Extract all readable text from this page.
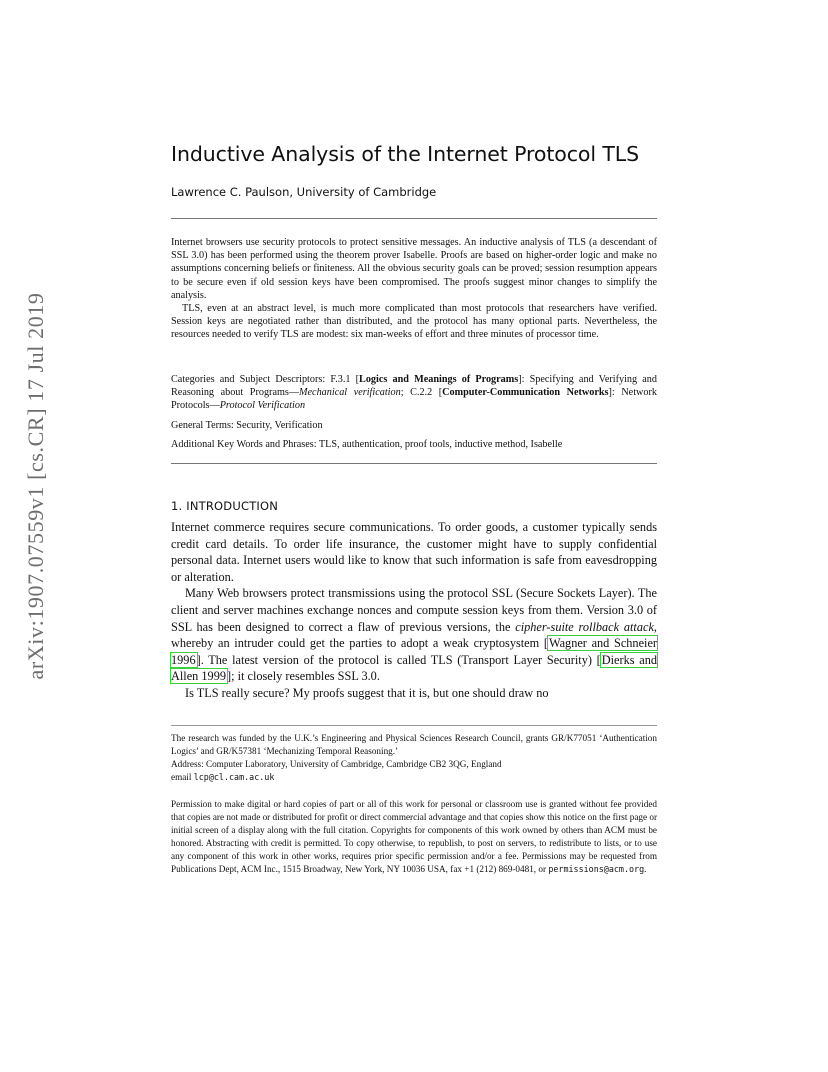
arXiv:1907.07559v1 [cs.CR] 17 Jul 2019
Inductive Analysis of the Internet Protocol TLS
Lawrence C. Paulson, University of Cambridge

Internet browsers use security protocols to protect sensitive messages. An inductive analysis of TLS (a descendant of SSL 3.0) has been performed using the theorem prover Isabelle. Proofs are based on higher-order logic and make no assumptions concerning beliefs or finiteness. All the obvious security goals can be proved; session resumption appears to be secure even if old session keys have been compromised. The proofs suggest minor changes to simplify the analysis.

TLS, even at an abstract level, is much more complicated than most protocols that researchers have verified. Session keys are negotiated rather than distributed, and the protocol has many optional parts. Nevertheless, the resources needed to verify TLS are modest: six man-weeks of effort and three minutes of processor time.

Categories and Subject Descriptors: F.3.1 [Logics and Meanings of Programs]: Specifying and Verifying and Reasoning about Programs—Mechanical verification; C.2.2 [Computer-Communication Networks]: Network Protocols—Protocol Verification

General Terms: Security, Verification
Additional Key Words and Phrases: TLS, authentication, proof tools, inductive method, Isabelle
1. INTRODUCTION

Internet commerce requires secure communications. To order goods, a customer typically sends credit card details. To order life insurance, the customer might have to supply confidential personal data. Internet users would like to know that such information is safe from eavesdropping or alteration.

Many Web browsers protect transmissions using the protocol SSL (Secure Sockets Layer). The client and server machines exchange nonces and compute session keys from them. Version 3.0 of SSL has been designed to correct a flaw of previous versions, the cipher-suite rollback attack, whereby an intruder could get the parties to adopt a weak cryptosystem [Wagner and Schneier 1996]. The latest version of the protocol is called TLS (Transport Layer Security) [Dierks and Allen 1999]; it closely resembles SSL 3.0.

Is TLS really secure? My proofs suggest that it is, but one should draw no

The research was funded by the U.K.’s Engineering and Physical Sciences Research Council, grants GR/K77051 ‘Authentication Logics’ and GR/K57381 ‘Mechanizing Temporal Reasoning.’

Address: Computer Laboratory, University of Cambridge, Cambridge CB2 3QG, England

email lcp@cl.cam.ac.uk

Permission to make digital or hard copies of part or all of this work for personal or classroom use is granted without fee provided that copies are not made or distributed for profit or direct commercial advantage and that copies show this notice on the first page or initial screen of a display along with the full citation. Copyrights for components of this work owned by others than ACM must be honored. Abstracting with credit is permitted. To copy otherwise, to republish, to post on servers, to redistribute to lists, or to use any component of this work in other works, requires prior specific permission and/or a fee. Permissions may be requested from Publications Dept, ACM Inc., 1515 Broadway, New York, NY 10036 USA, fax +1 (212) 869-0481, or permissions@acm.org.
